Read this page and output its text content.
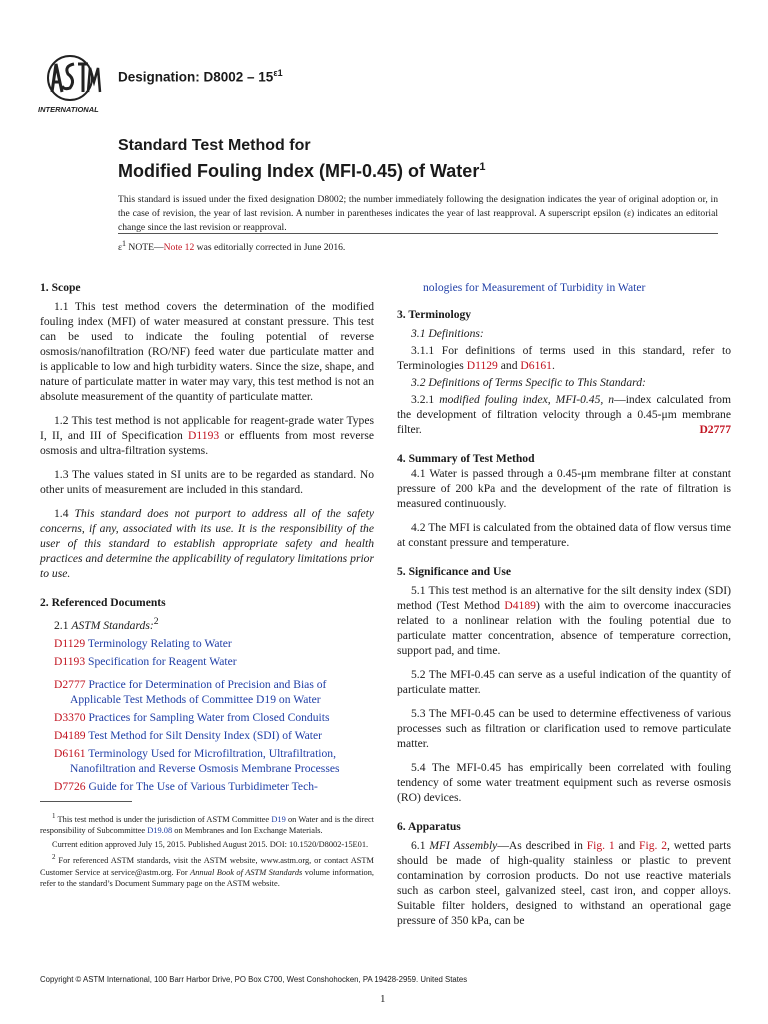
INTERNATIONAL
Designation: $D8002 - 15^{\varepsilon 1}$
Standard Test Method for
Modified Fouling Index (MFI-0.45) of Water$^1$
This standard is issued under the fixed designation D8002; the number immediately following the designation indicates the year of original adoption or, in the case of revision, the year of last revision. A number in parentheses indicates the year of last reapproval. A superscript epsilon (ε) indicates an editorial change since the last revision or reapproval.
$\varepsilon^1$ NOTE—Note 12 was editorially corrected in June 2016.
1. Scope

1.1 This test method covers the determination of the modified fouling index (MFI) of water measured at constant pressure. This test can be used to indicate the fouling potential of reverse osmosis/nanofiltration (RO/NF) feed water due particulate matter and is applicable to low and high turbidity waters. Since the size, shape, and nature of particulate matter in water may vary, this test method is not an absolute measurement of the quantity of particulate matter.

1.2 This test method is not applicable for reagent-grade water Types I, II, and III of Specification D1193 or effluents from most reverse osmosis and ultra-filtration systems.

1.3 The values stated in SI units are to be regarded as standard. No other units of measurement are included in this standard.

1.4 This standard does not purport to address all of the safety concerns, if any, associated with its use. It is the responsibility of the user of this standard to establish appropriate safety and health practices and determine the applicability of regulatory limitations prior to use.

2. Referenced Documents

2.1 ASTM Standards:$^2$

D1129 Terminology Relating to Water

D1193 Specification for Reagent Water

D2777 Practice for Determination of Precision and Bias of Applicable Test Methods of Committee D19 on Water

D3370 Practices for Sampling Water from Closed Conduits

D4189 Test Method for Silt Density Index (SDI) of Water

D6161 Terminology Used for Microfiltration, Ultrafiltration, Nanofiltration and Reverse Osmosis Membrane Processes

D7726 Guide for The Use of Various Turbidimeter Tech-

$^1$ This test method is under the jurisdiction of ASTM Committee D19 on Water and is the direct responsibility of Subcommittee D19.08 on Membranes and Ion Exchange Materials.

Current edition approved July 15, 2015. Published August 2015. DOI: 10.1520/D8002-15E01.

$^2$ For referenced ASTM standards, visit the ASTM website, www.astm.org, or contact ASTM Customer Service at service@astm.org. For Annual Book of ASTM Standards volume information, refer to the standard’s Document Summary page on the ASTM website.

nologies for Measurement of Turbidity in Water

3. Terminology

3.1 Definitions:

3.1.1 For definitions of terms used in this standard, refer to Terminologies D1129 and D6161.

3.2 Definitions of Terms Specific to This Standard:

3.2.1 modified fouling index, MFI-0.45, n—index calculated from the development of filtration velocity through a 0.45-μm membrane filter.	D2777

4. Summary of Test Method

4.1 Water is passed through a 0.45-μm membrane filter at constant pressure of 200 kPa and the development of the rate of filtration is measured continuously.

4.2 The MFI is calculated from the obtained data of flow versus time at constant pressure and temperature.

5. Significance and Use

5.1 This test method is an alternative for the silt density index (SDI) method (Test Method D4189) with the aim to overcome inaccuracies related to a nonlinear relation with the fouling potential due to particulate matter concentration, absence of temperature correction, support pad, and time.

5.2 The MFI-0.45 can serve as a useful indication of the quantity of particulate matter.

5.3 The MFI-0.45 can be used to determine effectiveness of various processes such as filtration or clarification used to remove particulate matter.

5.4 The MFI-0.45 has empirically been correlated with fouling tendency of some water treatment equipment such as reverse osmosis (RO) devices.

6. Apparatus

6.1 MFI Assembly—As described in Fig. 1 and Fig. 2, wetted parts should be made of high-quality stainless or plastic to prevent contamination by corrosion products. Do not use reactive materials such as carbon steel, galvanized steel, cast iron, and copper alloys. Suitable filter holders, designed to withstand an operational gage pressure of 350 kPa, can be

Copyright © ASTM International, 100 Barr Harbor Drive, PO Box C700, West Conshohocken, PA 19428-2959. United States
1
